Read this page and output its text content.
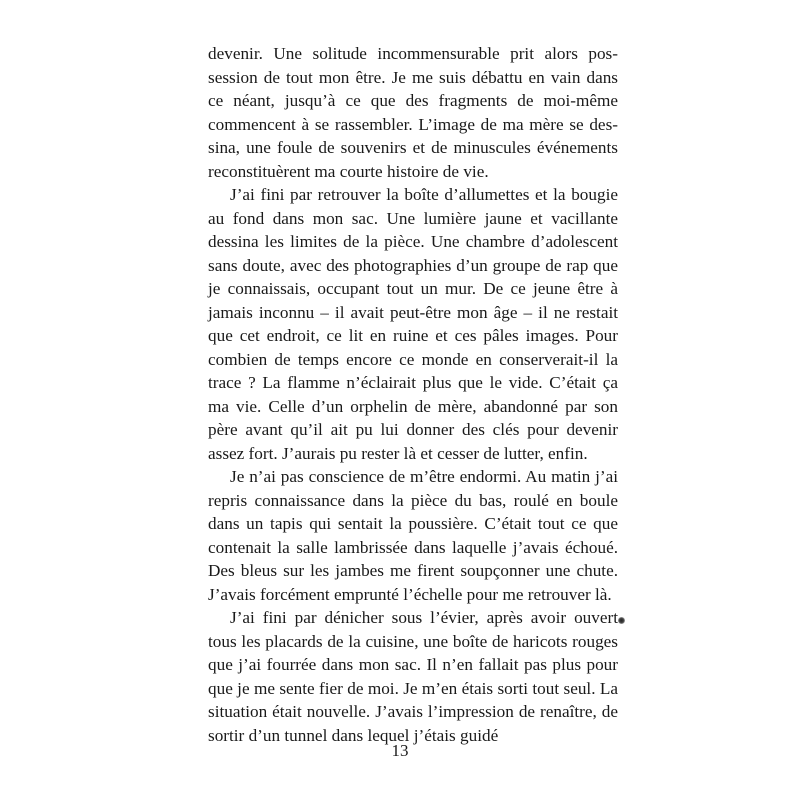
devenir. Une solitude incommensurable prit alors possession de tout mon être. Je me suis débattu en vain dans ce néant, jusqu’à ce que des fragments de moi-même commencent à se rassembler. L’image de ma mère se dessina, une foule de souvenirs et de minuscules événements reconstituèrent ma courte histoire de vie.

J’ai fini par retrouver la boîte d’allumettes et la bougie au fond dans mon sac. Une lumière jaune et vacillante dessina les limites de la pièce. Une chambre d’adolescent sans doute, avec des photographies d’un groupe de rap que je connaissais, occupant tout un mur. De ce jeune être à jamais inconnu – il avait peut-être mon âge – il ne restait que cet endroit, ce lit en ruine et ces pâles images. Pour combien de temps encore ce monde en conserverait-il la trace ? La flamme n’éclairait plus que le vide. C’était ça ma vie. Celle d’un orphelin de mère, abandonné par son père avant qu’il ait pu lui donner des clés pour devenir assez fort. J’aurais pu rester là et cesser de lutter, enfin.

Je n’ai pas conscience de m’être endormi. Au matin j’ai repris connaissance dans la pièce du bas, roulé en boule dans un tapis qui sentait la poussière. C’était tout ce que contenait la salle lambrissée dans laquelle j’avais échoué. Des bleus sur les jambes me firent soupçonner une chute. J’avais forcément emprunté l’échelle pour me retrouver là.

J’ai fini par dénicher sous l’évier, après avoir ouvert tous les placards de la cuisine, une boîte de haricots rouges que j’ai fourrée dans mon sac. Il n’en fallait pas plus pour que je me sente fier de moi. Je m’en étais sorti tout seul. La situation était nouvelle. J’avais l’impression de renaître, de sortir d’un tunnel dans lequel j’étais guidé

13
